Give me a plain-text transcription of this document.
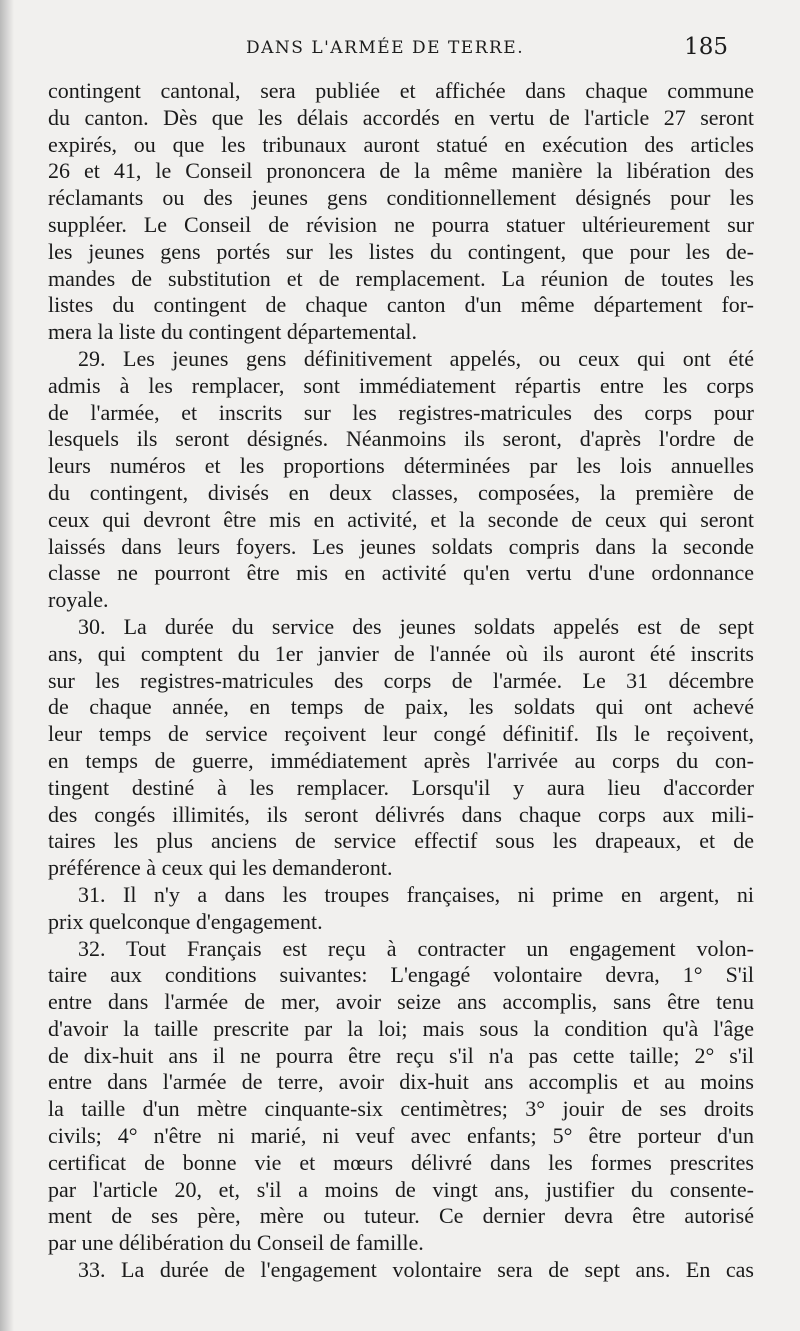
DANS L'ARMÉE DE TERRE.	185
contingent cantonal, sera publiée et affichée dans chaque commune
du canton. Dès que les délais accordés en vertu de l'article 27 seront
expirés, ou que les tribunaux auront statué en exécution des articles
26 et 41, le Conseil prononcera de la même manière la libération des
réclamants ou des jeunes gens conditionnellement désignés pour les
suppléer. Le Conseil de révision ne pourra statuer ultérieurement sur
les jeunes gens portés sur les listes du contingent, que pour les de-
mandes de substitution et de remplacement. La réunion de toutes les
listes du contingent de chaque canton d'un même département for-
mera la liste du contingent départemental.
29. Les jeunes gens définitivement appelés, ou ceux qui ont été
admis à les remplacer, sont immédiatement répartis entre les corps
de l'armée, et inscrits sur les registres-matricules des corps pour
lesquels ils seront désignés. Néanmoins ils seront, d'après l'ordre de
leurs numéros et les proportions déterminées par les lois annuelles
du contingent, divisés en deux classes, composées, la première de
ceux qui devront être mis en activité, et la seconde de ceux qui seront
laissés dans leurs foyers. Les jeunes soldats compris dans la seconde
classe ne pourront être mis en activité qu'en vertu d'une ordonnance
royale.
30. La durée du service des jeunes soldats appelés est de sept
ans, qui comptent du 1er janvier de l'année où ils auront été inscrits
sur les registres-matricules des corps de l'armée. Le 31 décembre
de chaque année, en temps de paix, les soldats qui ont achevé
leur temps de service reçoivent leur congé définitif. Ils le reçoivent,
en temps de guerre, immédiatement après l'arrivée au corps du con-
tingent destiné à les remplacer. Lorsqu'il y aura lieu d'accorder
des congés illimités, ils seront délivrés dans chaque corps aux mili-
taires les plus anciens de service effectif sous les drapeaux, et de
préférence à ceux qui les demanderont.
31. Il n'y a dans les troupes françaises, ni prime en argent, ni
prix quelconque d'engagement.
32. Tout Français est reçu à contracter un engagement volon-
taire aux conditions suivantes: L'engagé volontaire devra, 1° S'il
entre dans l'armée de mer, avoir seize ans accomplis, sans être tenu
d'avoir la taille prescrite par la loi; mais sous la condition qu'à l'âge
de dix-huit ans il ne pourra être reçu s'il n'a pas cette taille; 2° s'il
entre dans l'armée de terre, avoir dix-huit ans accomplis et au moins
la taille d'un mètre cinquante-six centimètres; 3° jouir de ses droits
civils; 4° n'être ni marié, ni veuf avec enfants; 5° être porteur d'un
certificat de bonne vie et mœurs délivré dans les formes prescrites
par l'article 20, et, s'il a moins de vingt ans, justifier du consente-
ment de ses père, mère ou tuteur. Ce dernier devra être autorisé
par une délibération du Conseil de famille.
33. La durée de l'engagement volontaire sera de sept ans. En cas
